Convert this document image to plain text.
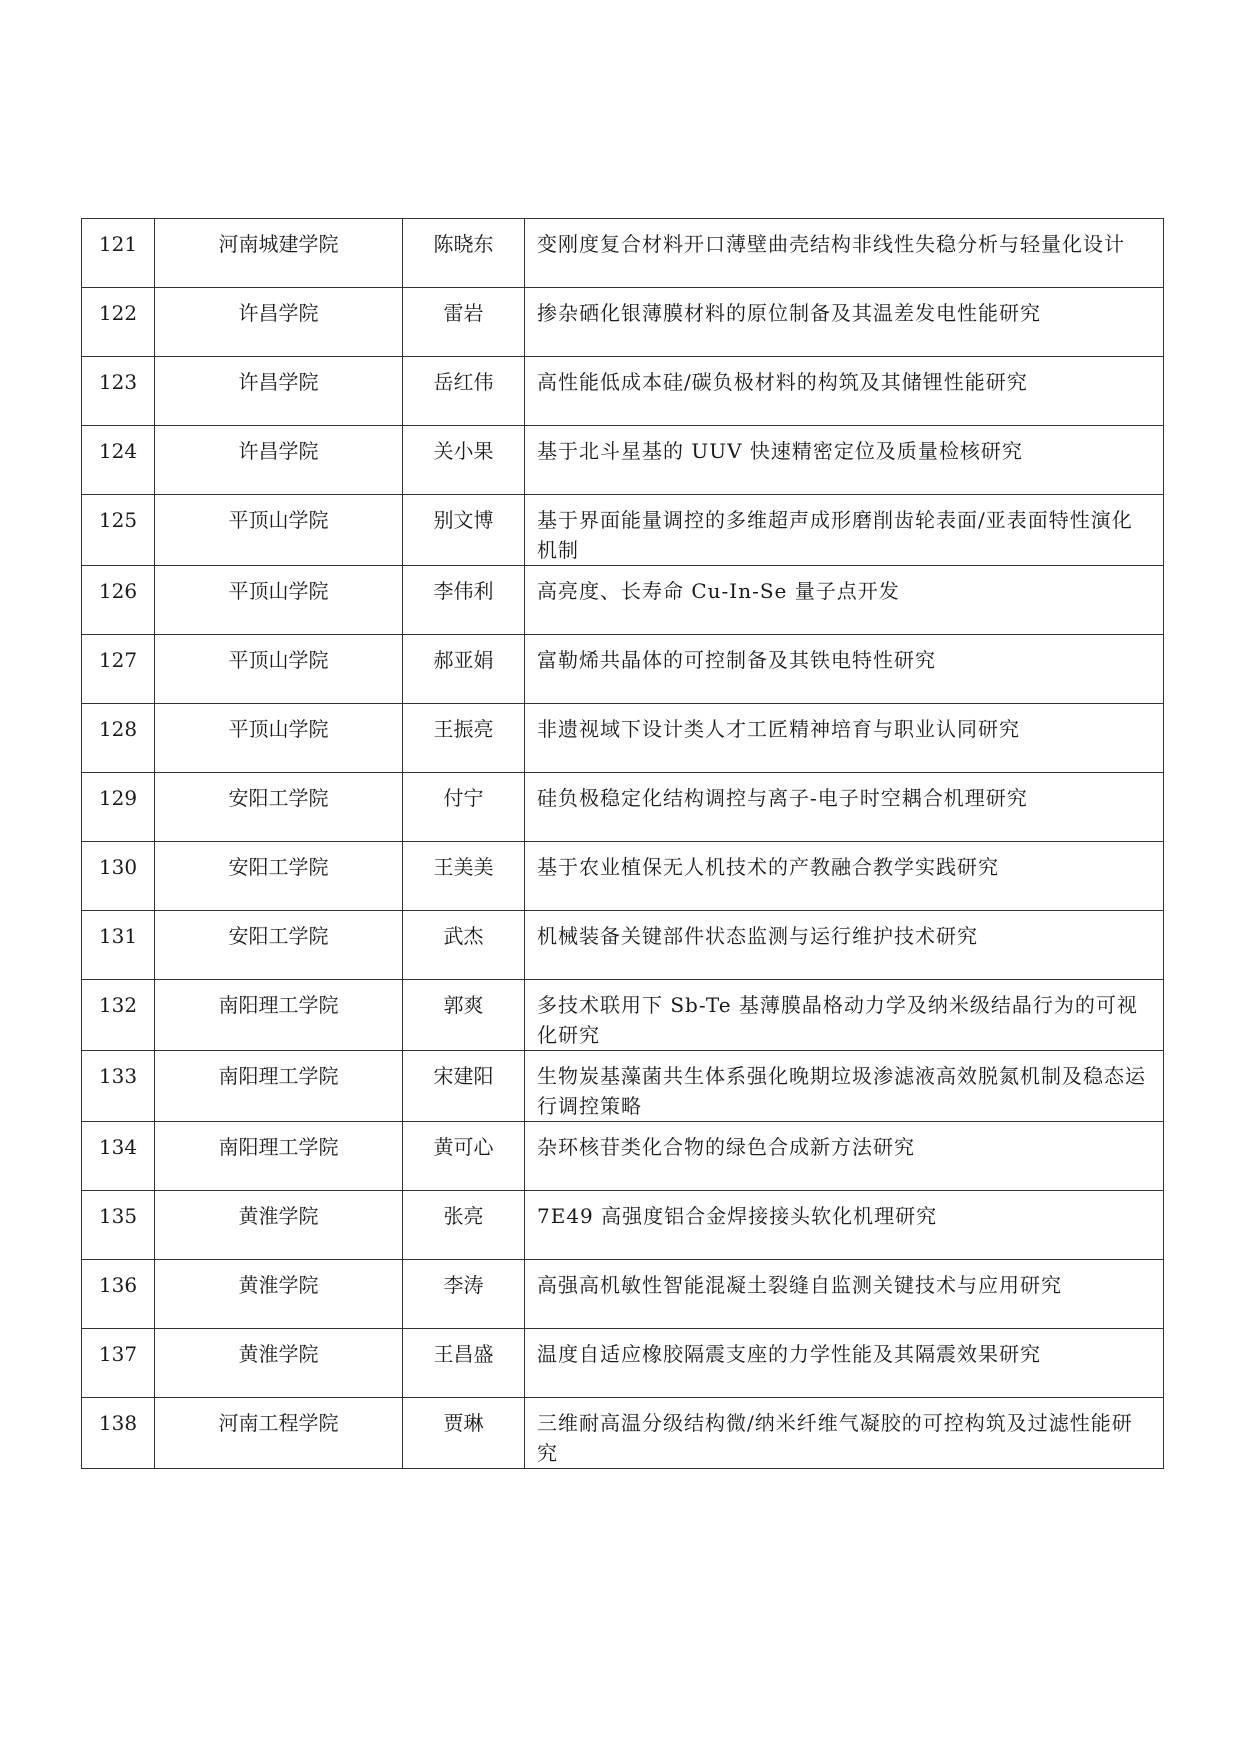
121	河南城建学院	陈晓东	变刚度复合材料开口薄壁曲壳结构非线性失稳分析与轻量化设计
122	许昌学院	雷岩	掺杂硒化银薄膜材料的原位制备及其温差发电性能研究
123	许昌学院	岳红伟	高性能低成本硅/碳负极材料的构筑及其储锂性能研究
124	许昌学院	关小果	基于北斗星基的 UUV 快速精密定位及质量检核研究
125	平顶山学院	别文博	基于界面能量调控的多维超声成形磨削齿轮表面/亚表面特性演化机制
126	平顶山学院	李伟利	高亮度、长寿命 Cu-In-Se 量子点开发
127	平顶山学院	郝亚娟	富勒烯共晶体的可控制备及其铁电特性研究
128	平顶山学院	王振亮	非遗视域下设计类人才工匠精神培育与职业认同研究
129	安阳工学院	付宁	硅负极稳定化结构调控与离子-电子时空耦合机理研究
130	安阳工学院	王美美	基于农业植保无人机技术的产教融合教学实践研究
131	安阳工学院	武杰	机械装备关键部件状态监测与运行维护技术研究
132	南阳理工学院	郭爽	多技术联用下 Sb-Te 基薄膜晶格动力学及纳米级结晶行为的可视化研究
133	南阳理工学院	宋建阳	生物炭基藻菌共生体系强化晚期垃圾渗滤液高效脱氮机制及稳态运行调控策略
134	南阳理工学院	黄可心	杂环核苷类化合物的绿色合成新方法研究
135	黄淮学院	张亮	7E49 高强度铝合金焊接接头软化机理研究
136	黄淮学院	李涛	高强高机敏性智能混凝土裂缝自监测关键技术与应用研究
137	黄淮学院	王昌盛	温度自适应橡胶隔震支座的力学性能及其隔震效果研究
138	河南工程学院	贾琳	三维耐高温分级结构微/纳米纤维气凝胶的可控构筑及过滤性能研究
